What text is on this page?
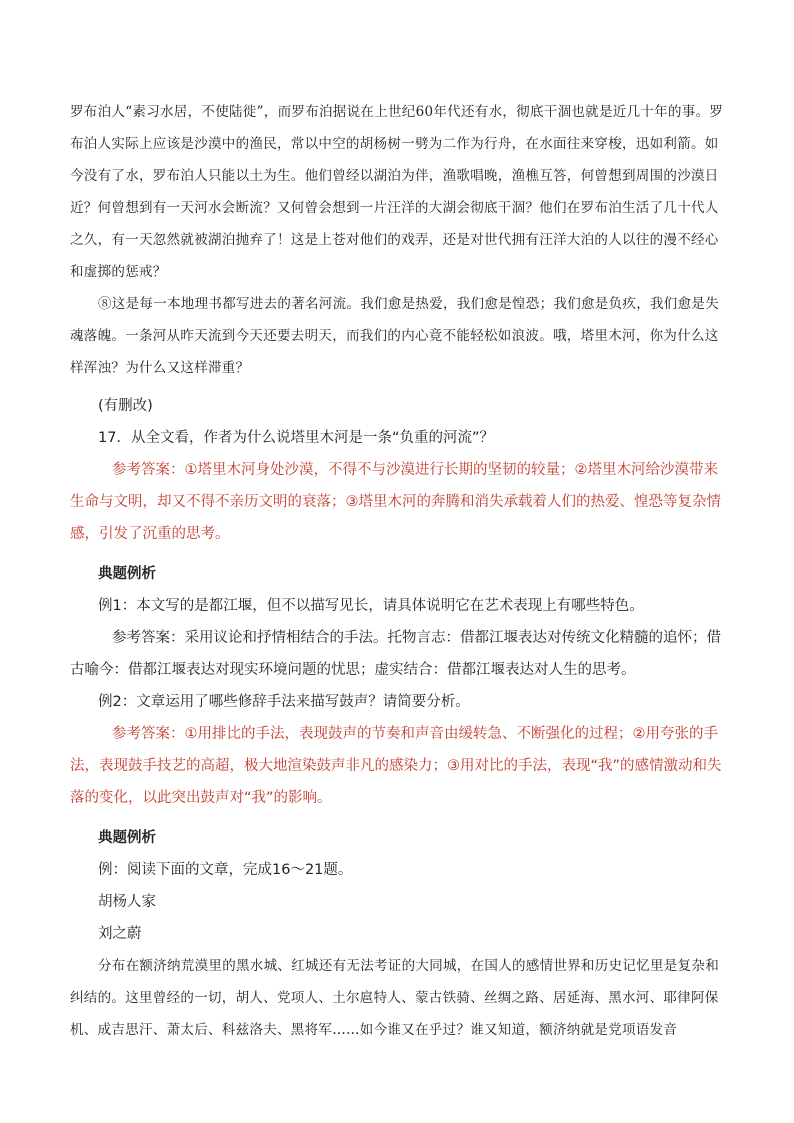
罗布泊人“素习水居，不使陆徙”，而罗布泊据说在上世纪60年代还有水，彻底干涸也就是近几十年的事。罗布泊人实际上应该是沙漠中的渔民，常以中空的胡杨树一劈为二作为行舟，在水面往来穿梭，迅如利箭。如今没有了水，罗布泊人只能以土为生。他们曾经以湖泊为伴，渔歌唱晚，渔樵互答，何曾想到周围的沙漠日近？何曾想到有一天河水会断流？又何曾会想到一片汪洋的大湖会彻底干涸？他们在罗布泊生活了几十代人之久，有一天忽然就被湖泊抛弃了！这是上苍对他们的戏弄，还是对世代拥有汪洋大泊的人以往的漫不经心和虚掷的惩戒？

⑧这是每一本地理书都写进去的著名河流。我们愈是热爱，我们愈是惶恐；我们愈是负疚，我们愈是失魂落魄。一条河从昨天流到今天还要去明天，而我们的内心竟不能轻松如浪波。哦，塔里木河，你为什么这样浑浊？为什么又这样滞重？

(有删改)

17．从全文看，作者为什么说塔里木河是一条“负重的河流”？

参考答案：①塔里木河身处沙漠，不得不与沙漠进行长期的坚韧的较量；②塔里木河给沙漠带来生命与文明，却又不得不亲历文明的衰落；③塔里木河的奔腾和消失承载着人们的热爱、惶恐等复杂情感，引发了沉重的思考。

典题例析

例1：本文写的是都江堰，但不以描写见长，请具体说明它在艺术表现上有哪些特色。

参考答案：采用议论和抒情相结合的手法。托物言志：借都江堰表达对传统文化精髓的追怀；借古喻今：借都江堰表达对现实环境问题的忧思；虚实结合：借都江堰表达对人生的思考。

例2：文章运用了哪些修辞手法来描写鼓声？请简要分析。

参考答案：①用排比的手法，表现鼓声的节奏和声音由缓转急、不断强化的过程；②用夸张的手法，表现鼓手技艺的高超，极大地渲染鼓声非凡的感染力；③用对比的手法，表现“我”的感情激动和失落的变化，以此突出鼓声对“我”的影响。

典题例析

例：阅读下面的文章，完成16～21题。

胡杨人家

刘之蔚

分布在额济纳荒漠里的黑水城、红城还有无法考证的大同城，在国人的感情世界和历史记忆里是复杂和纠结的。这里曾经的一切，胡人、党项人、土尔扈特人、蒙古铁骑、丝绸之路、居延海、黑水河、耶律阿保机、成吉思汗、萧太后、科兹洛夫、黑将军……如今谁又在乎过？谁又知道，额济纳就是党项语发音
